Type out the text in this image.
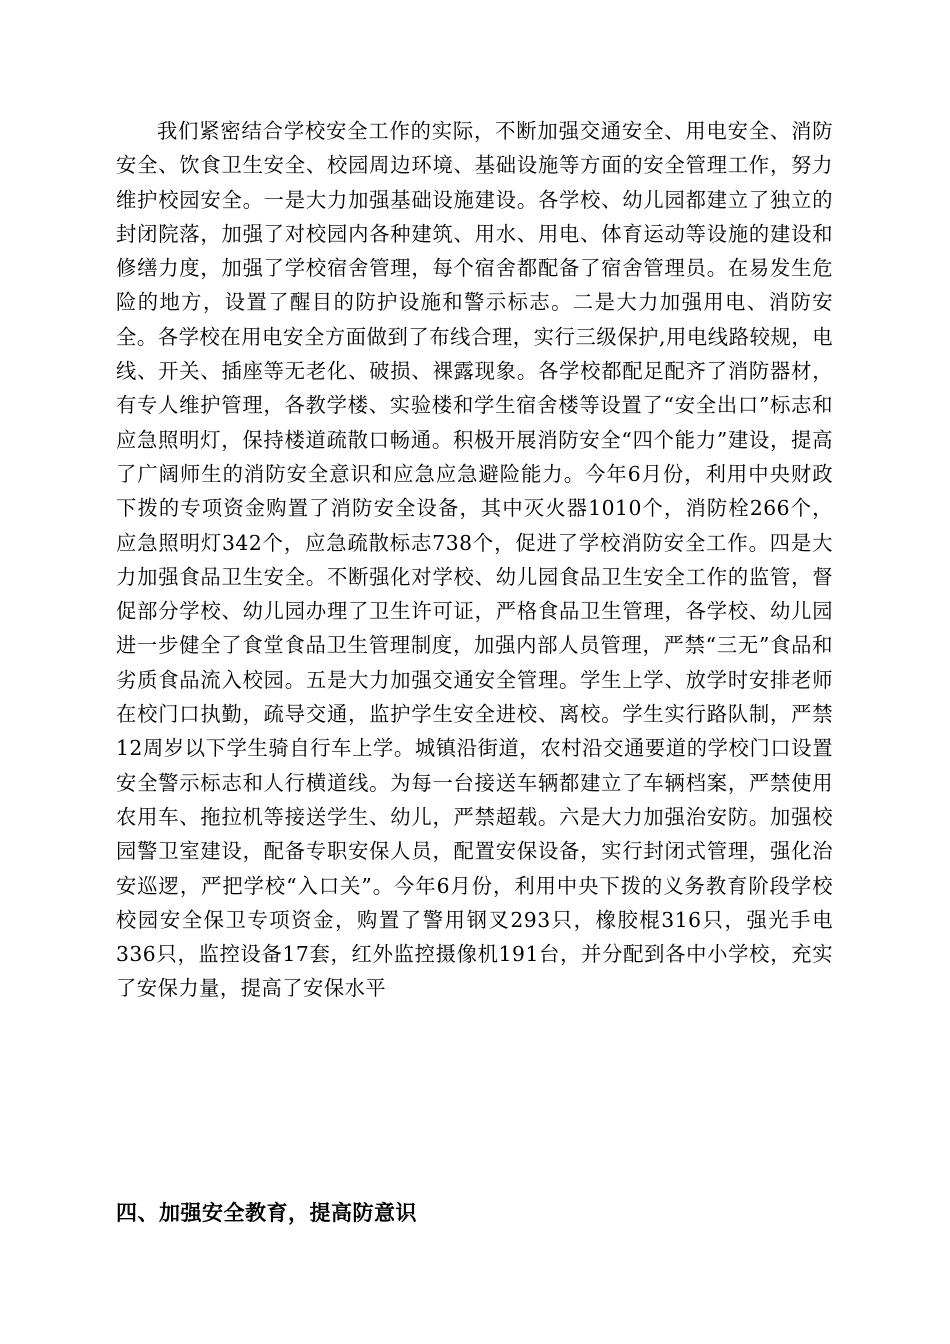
我们紧密结合学校安全工作的实际，不断加强交通安全、用电安全、消防安全、饮食卫生安全、校园周边环境、基础设施等方面的安全管理工作，努力维护校园安全。一是大力加强基础设施建设。各学校、幼儿园都建立了独立的封闭院落，加强了对校园内各种建筑、用水、用电、体育运动等设施的建设和修缮力度，加强了学校宿舍管理，每个宿舍都配备了宿舍管理员。在易发生危险的地方，设置了醒目的防护设施和警示标志。二是大力加强用电、消防安全。各学校在用电安全方面做到了布线合理，实行三级保护,用电线路较规，电线、开关、插座等无老化、破损、裸露现象。各学校都配足配齐了消防器材，有专人维护管理，各教学楼、实验楼和学生宿舍楼等设置了“安全出口”标志和应急照明灯，保持楼道疏散口畅通。积极开展消防安全“四个能力”建设，提高了广阔师生的消防安全意识和应急应急避险能力。今年6月份，利用中央财政下拨的专项资金购置了消防安全设备，其中灭火器1010个，消防栓266个，应急照明灯342个，应急疏散标志738个，促进了学校消防安全工作。四是大力加强食品卫生安全。不断强化对学校、幼儿园食品卫生安全工作的监管，督促部分学校、幼儿园办理了卫生许可证，严格食品卫生管理，各学校、幼儿园进一步健全了食堂食品卫生管理制度，加强内部人员管理，严禁“三无”食品和劣质食品流入校园。五是大力加强交通安全管理。学生上学、放学时安排老师在校门口执勤，疏导交通，监护学生安全进校、离校。学生实行路队制，严禁12周岁以下学生骑自行车上学。城镇沿街道，农村沿交通要道的学校门口设置安全警示标志和人行横道线。为每一台接送车辆都建立了车辆档案，严禁使用农用车、拖拉机等接送学生、幼儿，严禁超载。六是大力加强治安防。加强校园警卫室建设，配备专职安保人员，配置安保设备，实行封闭式管理，强化治安巡逻，严把学校“入口关”。今年6月份，利用中央下拨的义务教育阶段学校校园安全保卫专项资金，购置了警用钢叉293只，橡胶棍316只，强光手电336只，监控设备17套，红外监控摄像机191台，并分配到各中小学校，充实了安保力量，提高了安保水平

四、加强安全教育，提高防意识
